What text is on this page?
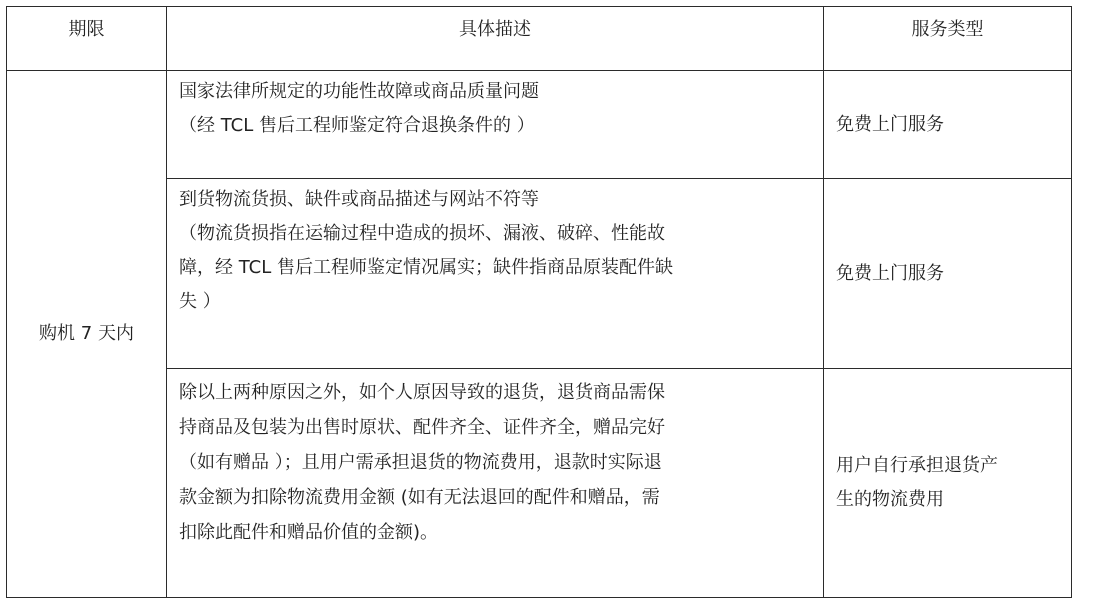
期限	具体描述	服务类型
购机 7 天内	国家法律所规定的功能性故障或商品质量问题
（经 TCL 售后工程师鉴定符合退换条件的 ）	免费上门服务

	到货物流货损、缺件或商品描述与网站不符等
（物流货损指在运输过程中造成的损坏、漏液、破碎、性能故
障，经 TCL 售后工程师鉴定情况属实；缺件指商品原装配件缺
失 ）	免费上门服务

	除以上两种原因之外，如个人原因导致的退货，退货商品需保
持商品及包装为出售时原状、配件齐全、证件齐全，赠品完好
（如有赠品 ）；且用户需承担退货的物流费用，退款时实际退
款金额为扣除物流费用金额 (如有无法退回的配件和赠品，需
扣除此配件和赠品价值的金额)。	用户自行承担退货产
生的物流费用
